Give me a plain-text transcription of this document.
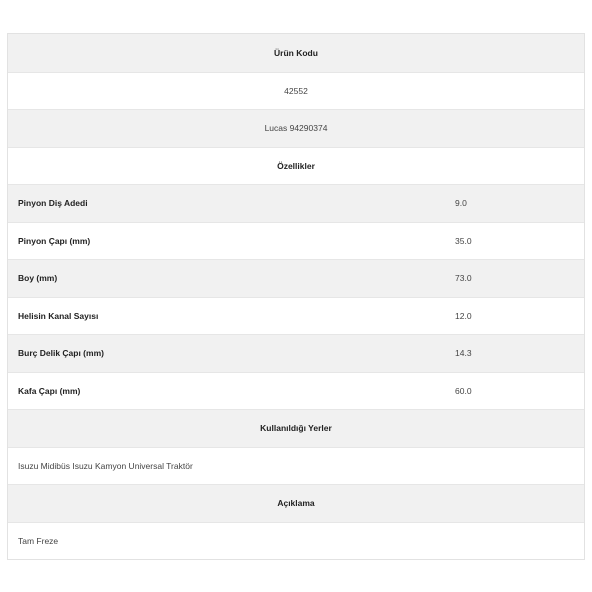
Ürün Kodu
42552
Lucas 94290374
Özellikler
Pinyon Diş Adedi	9.0
Pinyon Çapı (mm)	35.0
Boy (mm)	73.0
Helisin Kanal Sayısı	12.0
Burç Delik Çapı (mm)	14.3
Kafa Çapı (mm)	60.0
Kullanıldığı Yerler
Isuzu Midibüs Isuzu Kamyon Universal Traktör
Açıklama
Tam Freze
